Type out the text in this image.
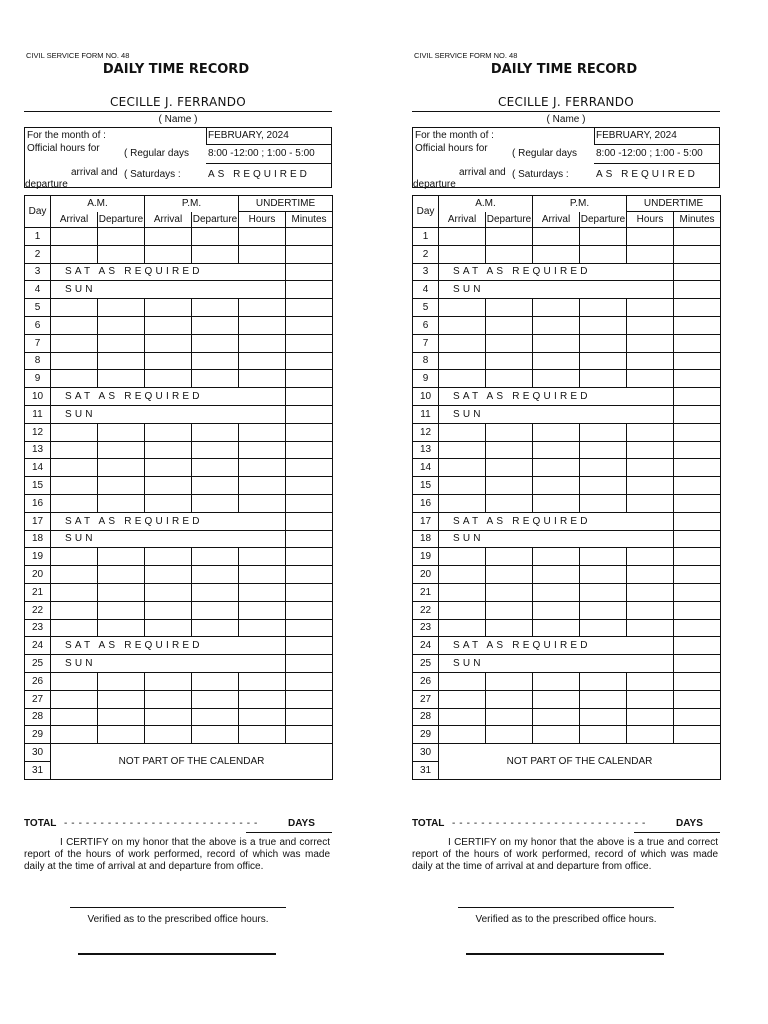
CIVIL SERVICE FORM NO. 48
DAILY TIME RECORD
CECILLE J. FERRANDO
( Name )
For the month of :	FEBRUARY, 2024
Official hours for ( Regular days 8:00 -12:00 ; 1:00 - 5:00
arrival and ( Saturdays :	AS REQUIRED
departure
Day	A.M.		P.M.		UNDERTIME	
	Arrival	Departure	Arrival	Departure	Hours	Minutes
1						
2						
3	SAT AS REQUIRED					
4	SUN					
5						
6						
7						
8						
9						
10	SAT AS REQUIRED					
11	SUN					
12						
13						
14						
15						
16						
17	SAT AS REQUIRED					
18	SUN					
19						
20						
21						
22						
23						
24	SAT AS REQUIRED					
25	SUN					
26						
27						
28						
29						
30	NOT PART OF THE CALENDAR					
31						
TOTAL - - - - - - - - - - - - - - - - - - - - - - - - - - -	DAYS
I CERTIFY on my honor that the above is a true and correct report of the hours of work performed, record of which was made daily at the time of arrival at and departure from office.
Verified as to the prescribed office hours.
CIVIL SERVICE FORM NO. 48
DAILY TIME RECORD
CECILLE J. FERRANDO
( Name )
For the month of :	FEBRUARY, 2024
Official hours for ( Regular days 8:00 -12:00 ; 1:00 - 5:00
arrival and ( Saturdays :	AS REQUIRED
departure
Day	A.M.		P.M.		UNDERTIME	
	Arrival	Departure	Arrival	Departure	Hours	Minutes
1						
2						
3	SAT AS REQUIRED					
4	SUN					
5						
6						
7						
8						
9						
10	SAT AS REQUIRED					
11	SUN					
12						
13						
14						
15						
16						
17	SAT AS REQUIRED					
18	SUN					
19						
20						
21						
22						
23						
24	SAT AS REQUIRED					
25	SUN					
26						
27						
28						
29						
30	NOT PART OF THE CALENDAR					
31						
TOTAL - - - - - - - - - - - - - - - - - - - - - - - - - - -	DAYS
I CERTIFY on my honor that the above is a true and correct report of the hours of work performed, record of which was made daily at the time of arrival at and departure from office.
Verified as to the prescribed office hours.
